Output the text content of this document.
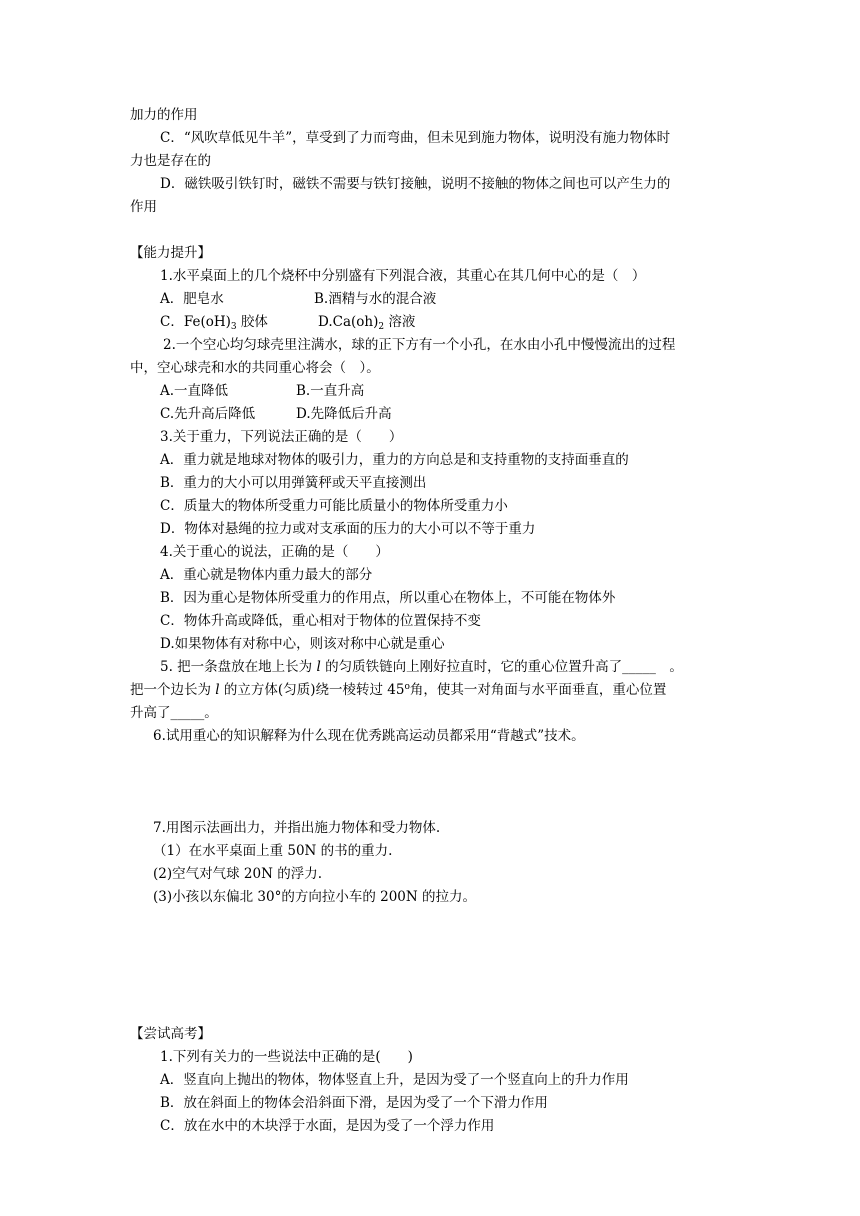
加力的作用
C．“风吹草低见牛羊”，草受到了力而弯曲，但未见到施力物体，说明没有施力物体时
力也是存在的
D．磁铁吸引铁钉时，磁铁不需要与铁钉接触，说明不接触的物体之间也可以产生力的
作用
【能力提升】
1.水平桌面上的几个烧杯中分别盛有下列混合液，其重心在其几何中心的是（　）
A．肥皂水	B.酒精与水的混合液
C．$Fe(oH)_3$ 胶体	$D.Ca(oh)_2$ 溶液
2.一个空心均匀球壳里注满水，球的正下方有一个小孔，在水由小孔中慢慢流出的过程
中，空心球壳和水的共同重心将会（　）。
A.一直降低	B.一直升高
C.先升高后降低	D.先降低后升高
3.关于重力，下列说法正确的是（　　）
A．重力就是地球对物体的吸引力，重力的方向总是和支持重物的支持面垂直的
B．重力的大小可以用弹簧秤或天平直接测出
C．质量大的物体所受重力可能比质量小的物体所受重力小
D．物体对悬绳的拉力或对支承面的压力的大小可以不等于重力
4.关于重心的说法，正确的是（　　）
A．重心就是物体内重力最大的部分
B．因为重心是物体所受重力的作用点，所以重心在物体上，不可能在物体外
C．物体升高或降低，重心相对于物体的位置保持不变
D.如果物体有对称中心，则该对称中心就是重心
5. 把一条盘放在地上长为 l 的匀质铁链向上刚好拉直时，它的重心位置升高了_____　。
把一个边长为 l 的立方体(匀质)绕一棱转过 45$^o$角，使其一对角面与水平面垂直，重心位置
升高了_____。
6.试用重心的知识解释为什么现在优秀跳高运动员都采用“背越式”技术。
7.用图示法画出力，并指出施力物体和受力物体.
（1）在水平桌面上重 50N 的书的重力.
(2)空气对气球 20N 的浮力.
(3)小孩以东偏北 30°的方向拉小车的 200N 的拉力。
【尝试高考】
1.下列有关力的一些说法中正确的是(　　)
A．竖直向上抛出的物体，物体竖直上升，是因为受了一个竖直向上的升力作用
B．放在斜面上的物体会沿斜面下滑，是因为受了一个下滑力作用
C．放在水中的木块浮于水面，是因为受了一个浮力作用
